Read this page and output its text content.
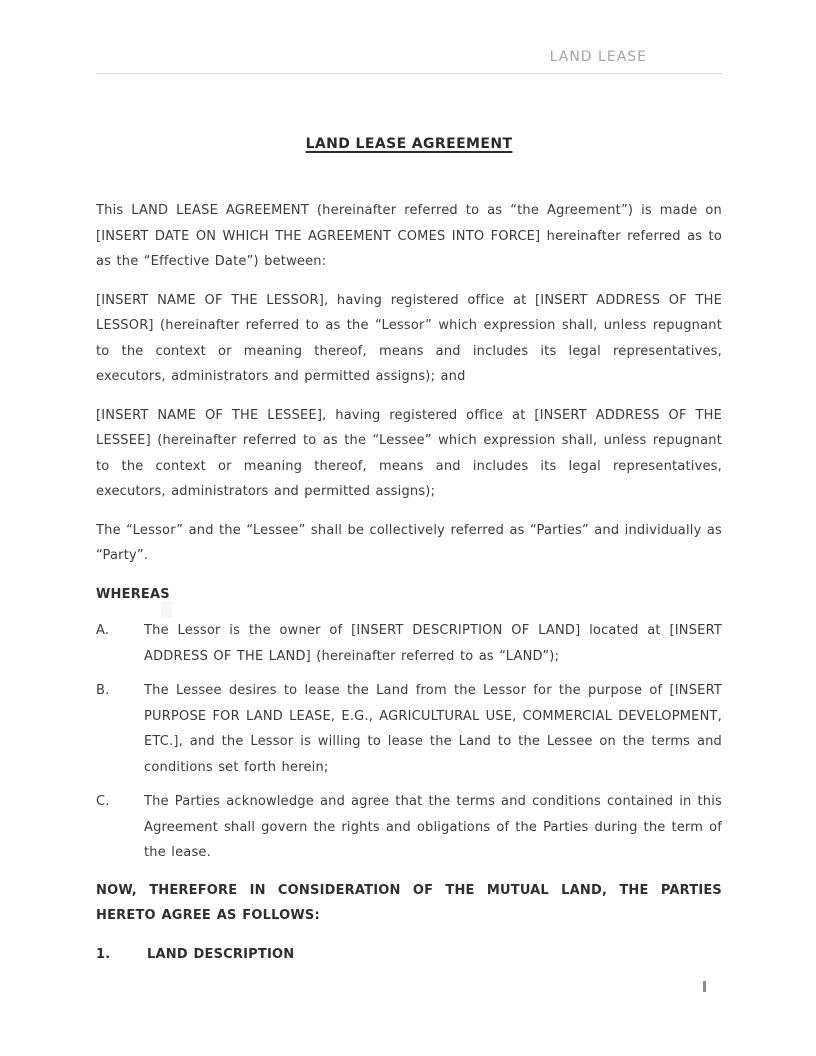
LAND LEASE
LAND LEASE AGREEMENT

This LAND LEASE AGREEMENT (hereinafter referred to as “the Agreement”) is made on [INSERT DATE ON WHICH THE AGREEMENT COMES INTO FORCE] hereinafter referred as to as the “Effective Date”) between:

[INSERT NAME OF THE LESSOR], having registered office at [INSERT ADDRESS OF THE LESSOR] (hereinafter referred to as the “Lessor” which expression shall, unless repugnant to the context or meaning thereof, means and includes its legal representatives, executors, administrators and permitted assigns); and

[INSERT NAME OF THE LESSEE], having registered office at [INSERT ADDRESS OF THE LESSEE] (hereinafter referred to as the “Lessee” which expression shall, unless repugnant to the context or meaning thereof, means and includes its legal representatives, executors, administrators and permitted assigns);

The “Lessor” and the “Lessee” shall be collectively referred as “Parties” and individually as “Party”.

WHEREAS

A.	The Lessor is the owner of [INSERT DESCRIPTION OF LAND] located at [INSERT ADDRESS OF THE LAND] (hereinafter referred to as “LAND”);
B.	The Lessee desires to lease the Land from the Lessor for the purpose of [INSERT PURPOSE FOR LAND LEASE, E.G., AGRICULTURAL USE, COMMERCIAL DEVELOPMENT, ETC.], and the Lessor is willing to lease the Land to the Lessee on the terms and conditions set forth herein;
C.	The Parties acknowledge and agree that the terms and conditions contained in this Agreement shall govern the rights and obligations of the Parties during the term of the lease.

NOW, THEREFORE IN CONSIDERATION OF THE MUTUAL LAND, THE PARTIES HERETO AGREE AS FOLLOWS:

1.	LAND DESCRIPTION
